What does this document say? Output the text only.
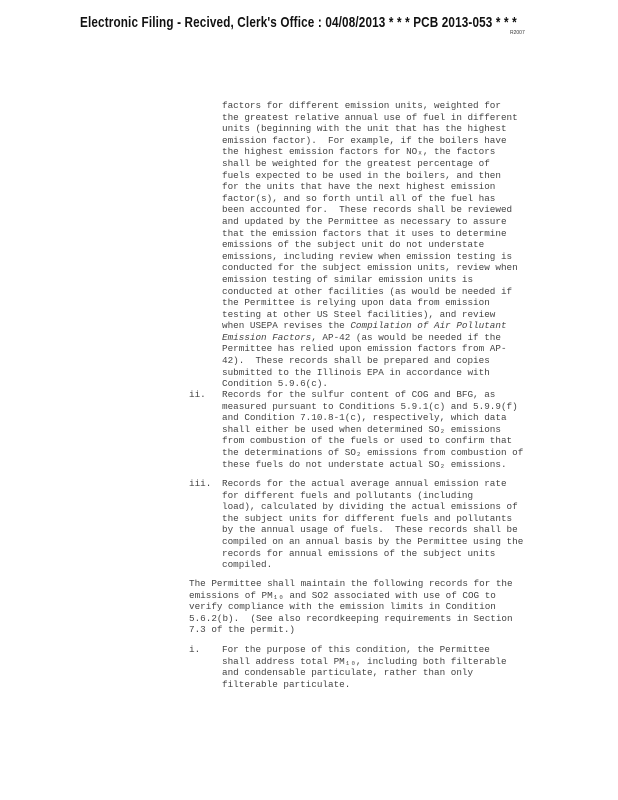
Electronic Filing - Recived, Clerk's Office : 04/08/2013 * * * PCB 2013-053 * * *
R2007
factors for different emission units, weighted for
the greatest relative annual use of fuel in different
units (beginning with the unit that has the highest
emission factor).  For example, if the boilers have
the highest emission factors for NOₓ, the factors
shall be weighted for the greatest percentage of
fuels expected to be used in the boilers, and then
for the units that have the next highest emission
factor(s), and so forth until all of the fuel has
been accounted for.  These records shall be reviewed
and updated by the Permittee as necessary to assure
that the emission factors that it uses to determine
emissions of the subject unit do not understate
emissions, including review when emission testing is
conducted for the subject emission units, review when
emission testing of similar emission units is
conducted at other facilities (as would be needed if
the Permittee is relying upon data from emission
testing at other US Steel facilities), and review
when USEPA revises the Compilation of Air Pollutant
Emission Factors, AP-42 (as would be needed if the
Permittee has relied upon emission factors from AP-
42).  These records shall be prepared and copies
submitted to the Illinois EPA in accordance with
Condition 5.9.6(c).
ii. Records for the sulfur content of COG and BFG, as
measured pursuant to Conditions 5.9.1(c) and 5.9.9(f)
and Condition 7.10.8-1(c), respectively, which data
shall either be used when determined SO₂ emissions
from combustion of the fuels or used to confirm that
the determinations of SO₂ emissions from combustion of
these fuels do not understate actual SO₂ emissions.
iii. Records for the actual average annual emission rate
for different fuels and pollutants (including
load), calculated by dividing the actual emissions of
the subject units for different fuels and pollutants
by the annual usage of fuels.  These records shall be
compiled on an annual basis by the Permittee using the
records for annual emissions of the subject units
compiled.
The Permittee shall maintain the following records for the
emissions of PM₁₀ and SO2 associated with use of COG to
verify compliance with the emission limits in Condition
5.6.2(b).  (See also recordkeeping requirements in Section
7.3 of the permit.)
i. For the purpose of this condition, the Permittee
shall address total PM₁₀, including both filterable
and condensable particulate, rather than only
filterable particulate.
